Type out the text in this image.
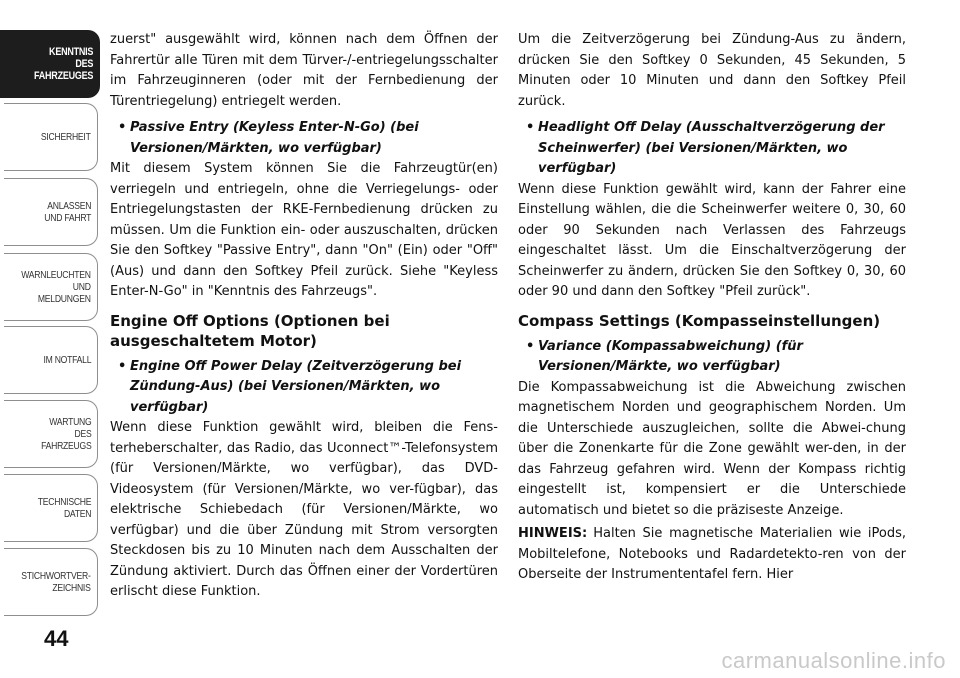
KENNTNIS
DES
FAHRZEUGES
SICHERHEIT
ANLASSEN
UND FAHRT
WARNLEUCHTEN
UND
MELDUNGEN
IM NOTFALL
WARTUNG
DES
FAHRZEUGS
TECHNISCHE
DATEN
STICHWORTVER-
ZEICHNIS
44

zuerst" ausgewählt wird, können nach dem Öffnen der Fahrertür alle Türen mit dem Türver-/-entriegelungsschalter im Fahrzeuginneren (oder mit der Fernbedienung der Türentriegelung) entriegelt werden.

• Passive Entry (Keyless Enter-N-Go) (bei Versionen/Märkten, wo verfügbar)

Mit diesem System können Sie die Fahrzeugtür(en) verriegeln und entriegeln, ohne die Verriegelungs- oder Entriegelungstasten der RKE-Fernbedienung drücken zu müssen. Um die Funktion ein- oder auszuschalten, drücken Sie den Softkey "Passive Entry", dann "On" (Ein) oder "Off" (Aus) und dann den Softkey Pfeil zurück. Siehe "Keyless Enter-N-Go" in "Kenntnis des Fahrzeugs".

Engine Off Options (Optionen bei ausgeschaltetem Motor)
• Engine Off Power Delay (Zeitverzögerung bei Zündung-Aus) (bei Versionen/Märkten, wo verfügbar)

Wenn diese Funktion gewählt wird, bleiben die Fens-terheberschalter, das Radio, das Uconnect™-Telefonsystem (für Versionen/Märkte, wo verfügbar), das DVD-Videosystem (für Versionen/Märkte, wo ver-fügbar), das elektrische Schiebedach (für Versionen/Märkte, wo verfügbar) und die über Zündung mit Strom versorgten Steckdosen bis zu 10 Minuten nach dem Ausschalten der Zündung aktiviert. Durch das Öffnen einer der Vordertüren erlischt diese Funktion.

Um die Zeitverzögerung bei Zündung-Aus zu ändern, drücken Sie den Softkey 0 Sekunden, 45 Sekunden, 5 Minuten oder 10 Minuten und dann den Softkey Pfeil zurück.

• Headlight Off Delay (Ausschaltverzögerung der Scheinwerfer) (bei Versionen/Märkten, wo verfügbar)

Wenn diese Funktion gewählt wird, kann der Fahrer eine Einstellung wählen, die die Scheinwerfer weitere 0, 30, 60 oder 90 Sekunden nach Verlassen des Fahrzeugs eingeschaltet lässt. Um die Einschaltverzögerung der Scheinwerfer zu ändern, drücken Sie den Softkey 0, 30, 60 oder 90 und dann den Softkey "Pfeil zurück".

Compass Settings (Kompasseinstellungen)
• Variance (Kompassabweichung) (für Versionen/Märkte, wo verfügbar)

Die Kompassabweichung ist die Abweichung zwischen magnetischem Norden und geographischem Norden. Um die Unterschiede auszugleichen, sollte die Abwei-chung über die Zonenkarte für die Zone gewählt wer-den, in der das Fahrzeug gefahren wird. Wenn der Kompass richtig eingestellt ist, kompensiert er die Unterschiede automatisch und bietet so die präziseste Anzeige.

HINWEIS: Halten Sie magnetische Materialien wie iPods, Mobiltelefone, Notebooks und Radardetekto-ren von der Oberseite der Instrumententafel fern. Hier

carmanualsonline.info
